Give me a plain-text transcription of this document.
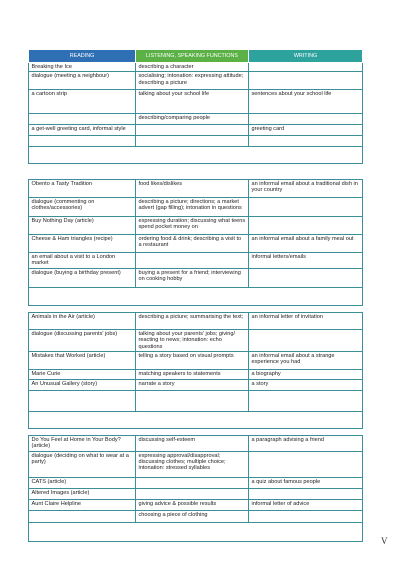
READING	LISTENING, SPEAKING FUNCTIONS	WRITING
Breaking the Ice	describing a character	
dialogue (meeting a neighbour)	socialising; intonation: expressing attitude; describing a picture	
a cartoon strip	talking about your school life	sentences about your school life
	describing/comparing people	
a get-well greeting card, informal style		greeting card

Obento a Tasty Tradition	food likes/dislikes	an informal email about a traditional dish in your country
dialogue (commenting on clothes/accessories)	describing a picture; directions; a market advert (gap filling); intonation in questions	
Buy Nothing Day (article)	expressing duration; discussing what teens spend pocket money on	
Cheese & Ham triangles (recipe)	ordering food & drink; describing a visit to a restaurant	an informal email about a family meal out
an email about a visit to a London market		informal letters/emails
dialogue (buying a birthday present)	buying a present for a friend; interviewing on cooking hobby	

Animals in the Air (article)	describing a picture; summarising the text;	an informal letter of invitation
dialogue (discussing parents' jobs)	talking about your parents' jobs; giving/ reacting to news; intonation: echo questions	
Mistakes that Worked (article)	telling a story based on visual prompts	an informal email about a strange experience you had
Marie Curie	matching speakers to statements	a biography
An Unusual Gallery (story)	narrate a story	a story

Do You Feel at Home in Your Body? (article)	discussing self-esteem	a paragraph advising a friend
dialogue (deciding on what to wear at a party)	expressing approval/disapproval; discussing clothes; multiple choice; intonation: stressed syllables	
CATS (article)		a quiz about famous people
Altered Images (article)		
Aunt Claire Helpline	giving advice & possible results	informal letter of advice
	choosing a piece of clothing	

V
